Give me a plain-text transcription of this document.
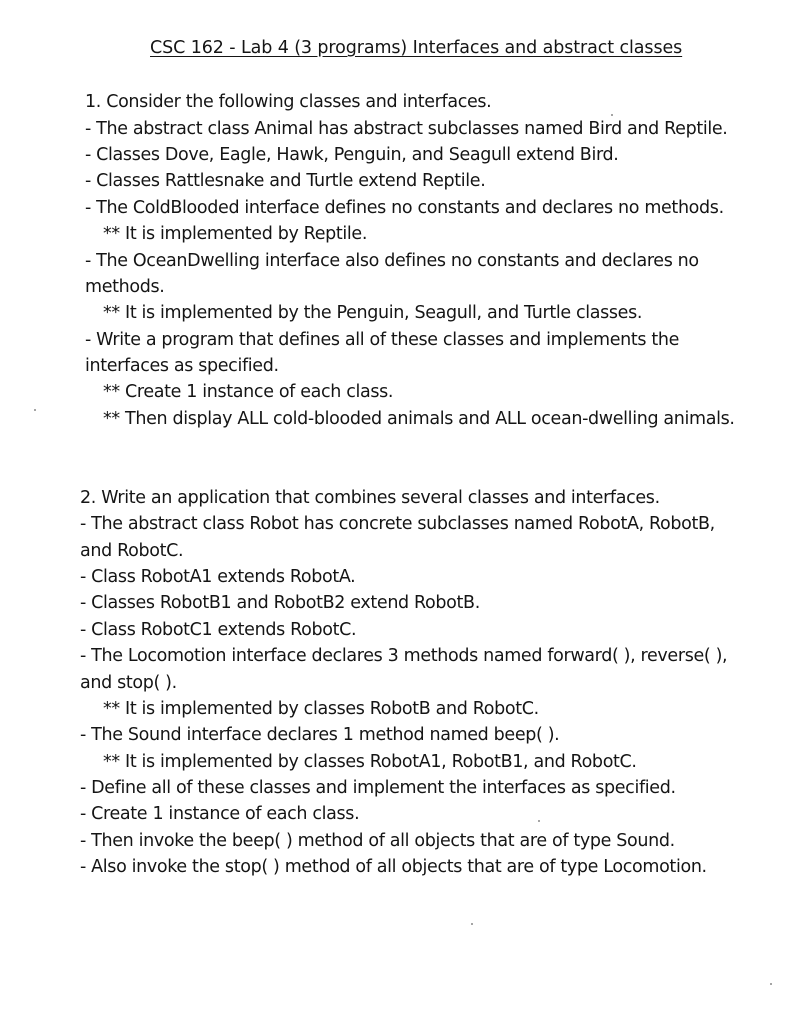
CSC 162 - Lab 4 (3 programs) Interfaces and abstract classes
1. Consider the following classes and interfaces.
- The abstract class Animal has abstract subclasses named Bird and Reptile.
- Classes Dove, Eagle, Hawk, Penguin, and Seagull extend Bird.
- Classes Rattlesnake and Turtle extend Reptile.
- The ColdBlooded interface defines no constants and declares no methods.
** It is implemented by Reptile.
- The OceanDwelling interface also defines no constants and declares no
methods.
** It is implemented by the Penguin, Seagull, and Turtle classes.
- Write a program that defines all of these classes and implements the
interfaces as specified.
** Create 1 instance of each class.
** Then display ALL cold-blooded animals and ALL ocean-dwelling animals.
2. Write an application that combines several classes and interfaces.
- The abstract class Robot has concrete subclasses named RobotA, RobotB,
and RobotC.
- Class RobotA1 extends RobotA.
- Classes RobotB1 and RobotB2 extend RobotB.
- Class RobotC1 extends RobotC.
- The Locomotion interface declares 3 methods named forward( ), reverse( ),
and stop( ).
** It is implemented by classes RobotB and RobotC.
- The Sound interface declares 1 method named beep( ).
** It is implemented by classes RobotA1, RobotB1, and RobotC.
- Define all of these classes and implement the interfaces as specified.
- Create 1 instance of each class.
- Then invoke the beep( ) method of all objects that are of type Sound.
- Also invoke the stop( ) method of all objects that are of type Locomotion.
